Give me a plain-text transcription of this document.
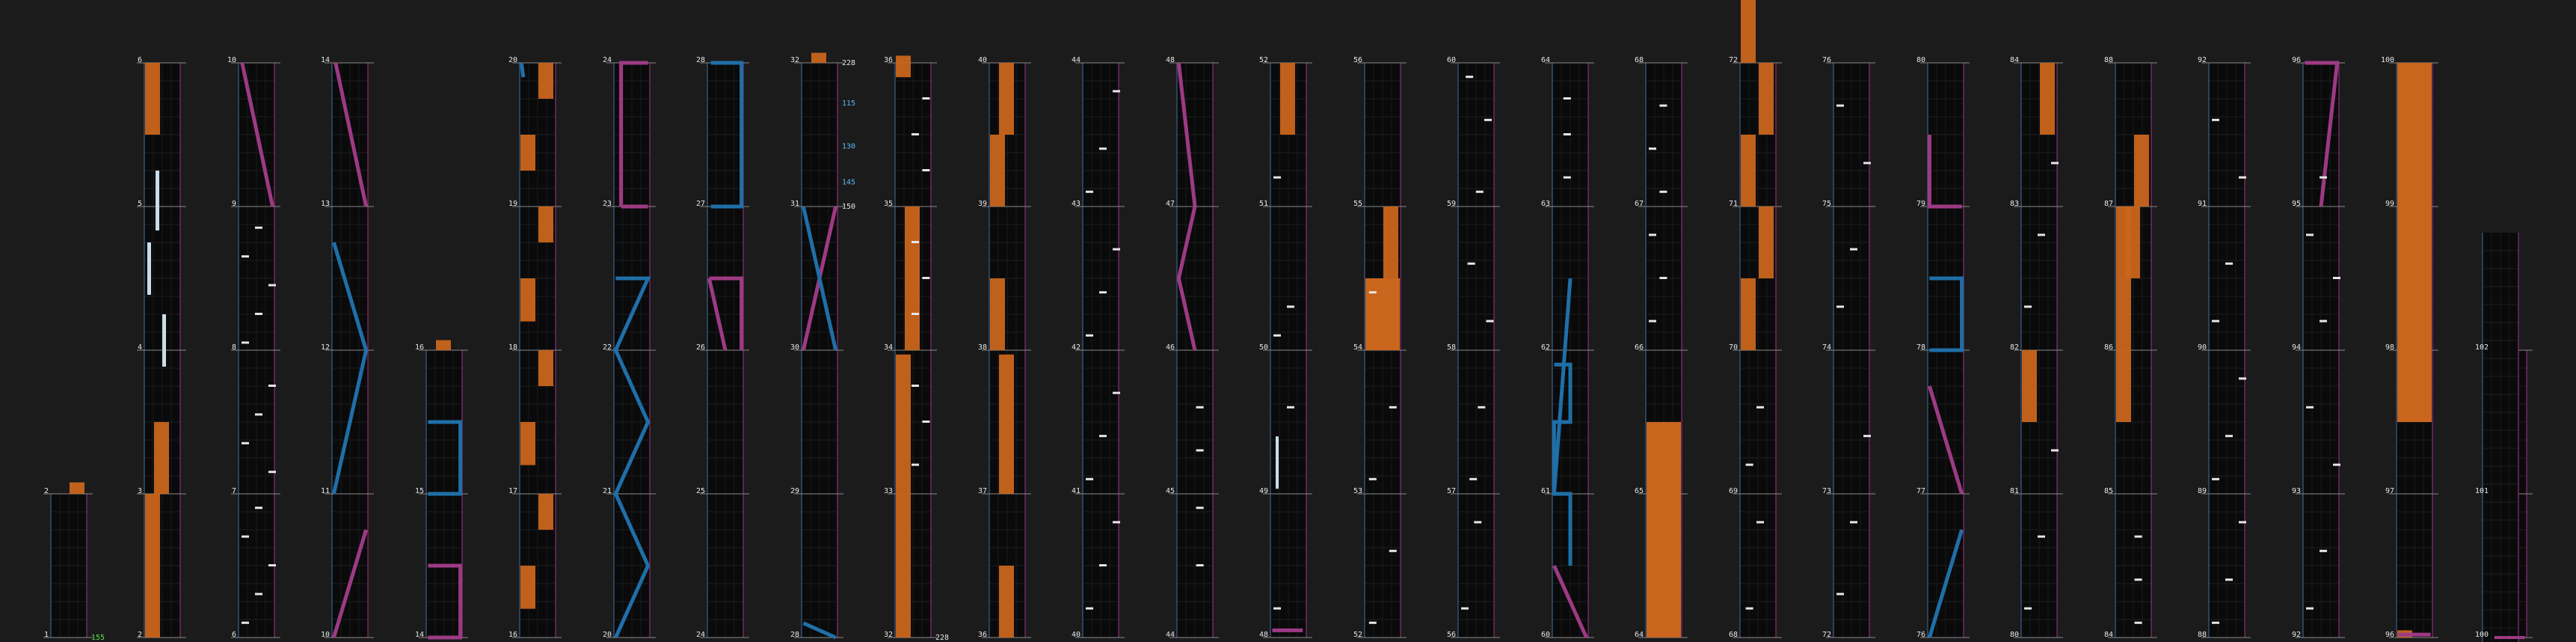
1
2
2
3
4
5
6
6
7
8
9
10
10
11
12
13
14
14
15
16
16
17
18
19
20
20
21
22
23
24
24
25
26
27
28
28
29
30
31
32
32
33
34
35
36
36
37
38
39
40
40
41
42
43
44
44
45
46
47
48
48
49
50
51
52
52
53
54
55
56
56
57
58
59
60
60
61
62
63
64
64
65
66
67
68
68
69
70
71
72
72
73
74
75
76
76
77
78
79
80
80
81
82
83
84
84
85
86
87
88
88
89
90
91
92
92
93
94
95
96
96
97
98
99
100
100
101
102
155
228
115
130
145
150
228
